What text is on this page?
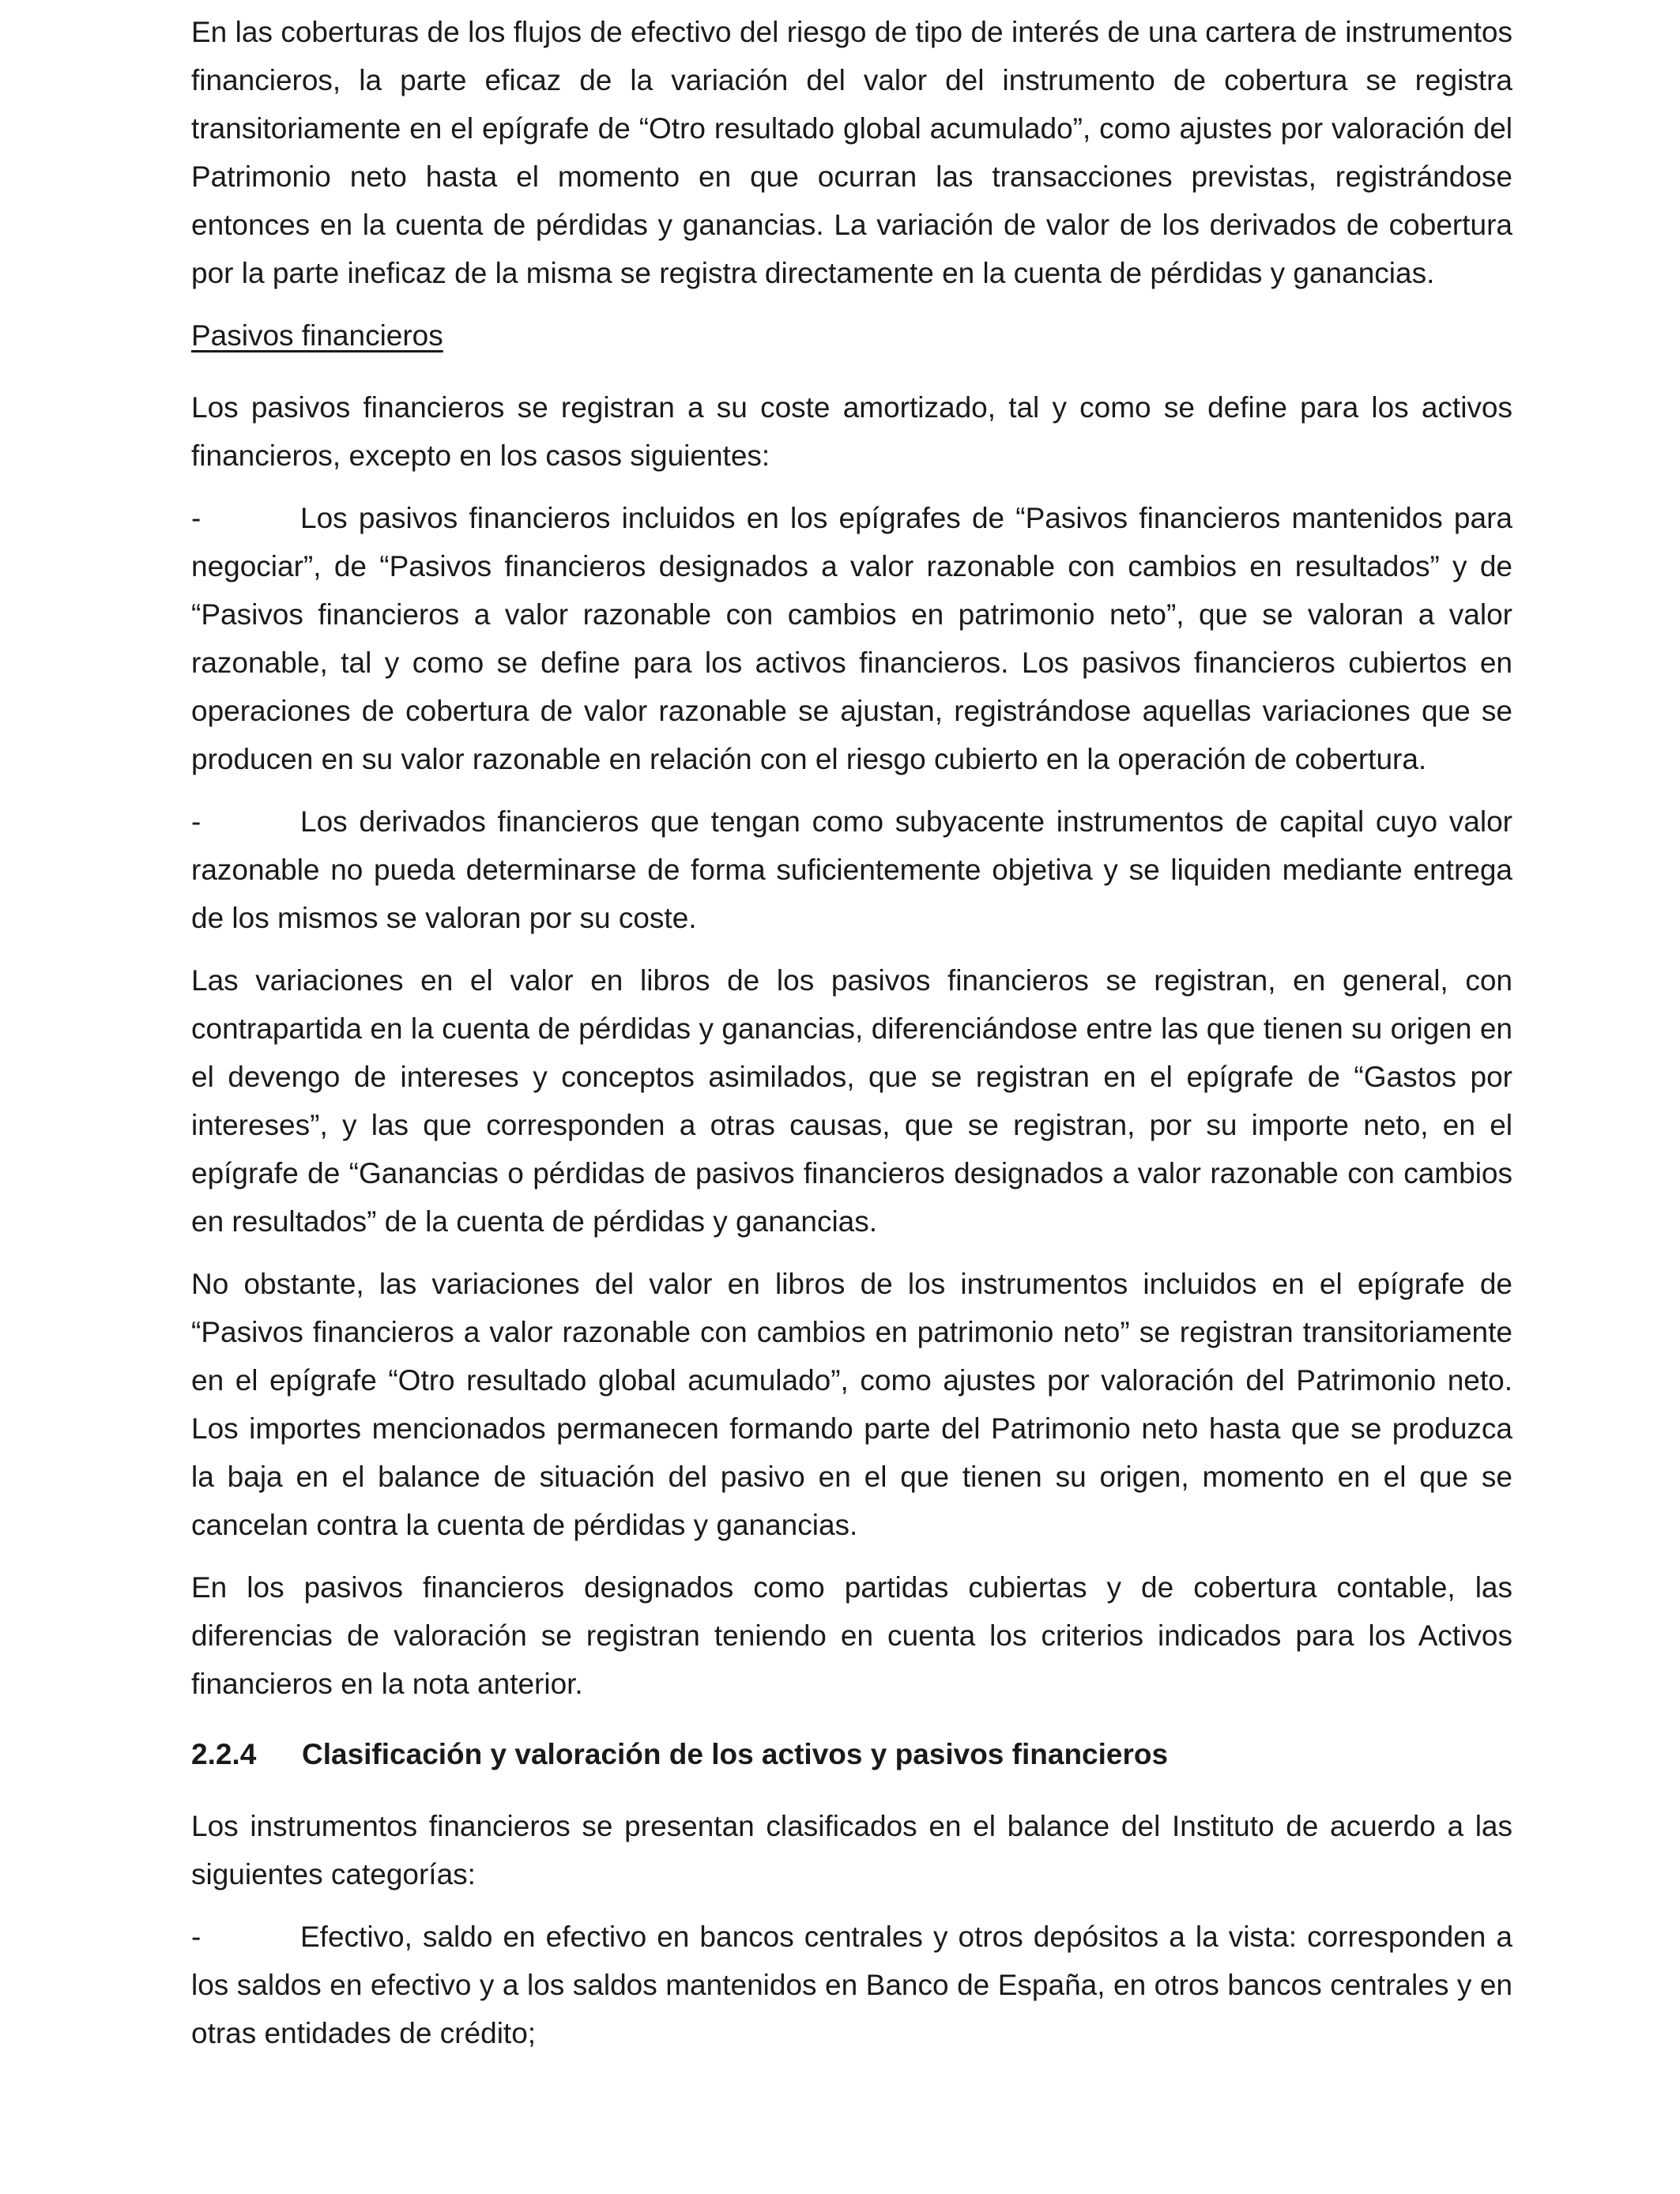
En las coberturas de los flujos de efectivo del riesgo de tipo de interés de una cartera de instrumentos financieros, la parte eficaz de la variación del valor del instrumento de cobertura se registra transitoriamente en el epígrafe de “Otro resultado global acumulado”, como ajustes por valoración del Patrimonio neto hasta el momento en que ocurran las transacciones previstas, registrándose entonces en la cuenta de pérdidas y ganancias. La variación de valor de los derivados de cobertura por la parte ineficaz de la misma se registra directamente en la cuenta de pérdidas y ganancias.

Pasivos financieros

Los pasivos financieros se registran a su coste amortizado, tal y como se define para los activos financieros, excepto en los casos siguientes:

-	Los pasivos financieros incluidos en los epígrafes de “Pasivos financieros mantenidos para negociar”, de “Pasivos financieros designados a valor razonable con cambios en resultados” y de “Pasivos financieros a valor razonable con cambios en patrimonio neto”, que se valoran a valor razonable, tal y como se define para los activos financieros. Los pasivos financieros cubiertos en operaciones de cobertura de valor razonable se ajustan, registrándose aquellas variaciones que se producen en su valor razonable en relación con el riesgo cubierto en la operación de cobertura.

-	Los derivados financieros que tengan como subyacente instrumentos de capital cuyo valor razonable no pueda determinarse de forma suficientemente objetiva y se liquiden mediante entrega de los mismos se valoran por su coste.

Las variaciones en el valor en libros de los pasivos financieros se registran, en general, con contrapartida en la cuenta de pérdidas y ganancias, diferenciándose entre las que tienen su origen en el devengo de intereses y conceptos asimilados, que se registran en el epígrafe de “Gastos por intereses”, y las que corresponden a otras causas, que se registran, por su importe neto, en el epígrafe de “Ganancias o pérdidas de pasivos financieros designados a valor razonable con cambios en resultados” de la cuenta de pérdidas y ganancias.

No obstante, las variaciones del valor en libros de los instrumentos incluidos en el epígrafe de “Pasivos financieros a valor razonable con cambios en patrimonio neto” se registran transitoriamente en el epígrafe “Otro resultado global acumulado”, como ajustes por valoración del Patrimonio neto. Los importes mencionados permanecen formando parte del Patrimonio neto hasta que se produzca la baja en el balance de situación del pasivo en el que tienen su origen, momento en el que se cancelan contra la cuenta de pérdidas y ganancias.

En los pasivos financieros designados como partidas cubiertas y de cobertura contable, las diferencias de valoración se registran teniendo en cuenta los criterios indicados para los Activos financieros en la nota anterior.

2.2.4 Clasificación y valoración de los activos y pasivos financieros

Los instrumentos financieros se presentan clasificados en el balance del Instituto de acuerdo a las siguientes categorías:

-	Efectivo, saldo en efectivo en bancos centrales y otros depósitos a la vista: corresponden a los saldos en efectivo y a los saldos mantenidos en Banco de España, en otros bancos centrales y en otras entidades de crédito;
